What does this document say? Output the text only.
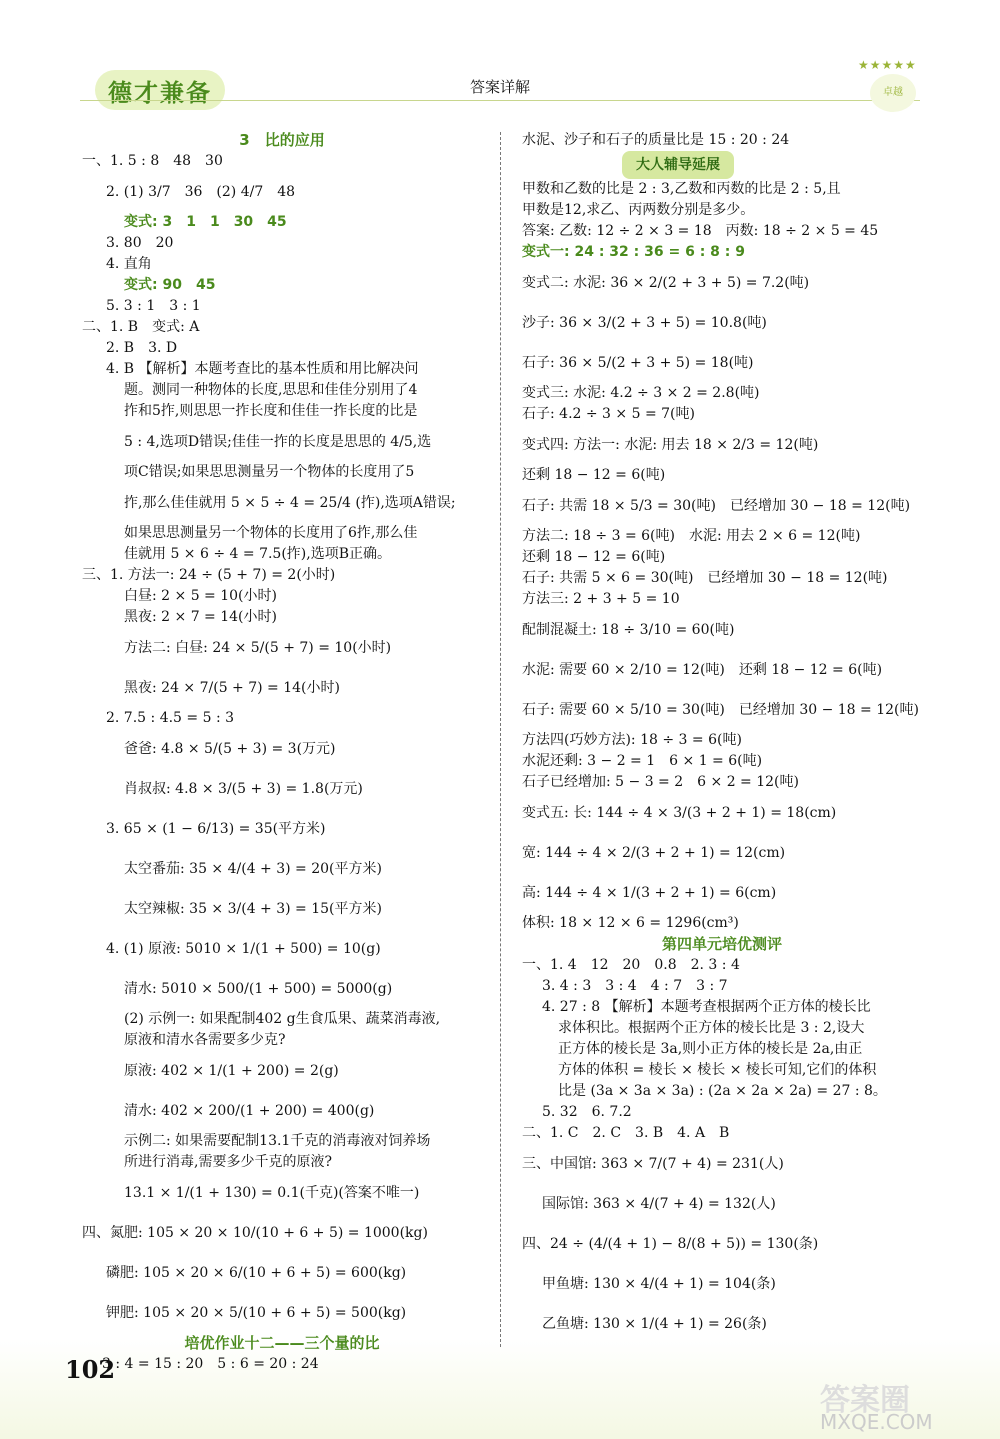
德才兼备	答案详解
★★★★★
卓越
3　比的应用
一、1. 5 : 8　48　30
2. (1) 3/7　36　(2) 4/7　48
变式: 3　1　1　30　45
3. 80　20
4. 直角
变式: 90　45
5. 3 : 1　3 : 1
二、1. B　变式: A
2. B　3. D
4. B 【解析】本题考查比的基本性质和用比解决问
题。测同一种物体的长度,思思和佳佳分别用了4
拃和5拃,则思思一拃长度和佳佳一拃长度的比是
5 : 4,选项D错误;佳佳一拃的长度是思思的 4/5,选
项C错误;如果思思测量另一个物体的长度用了5
拃,那么佳佳就用 5 × 5 ÷ 4 = 25/4 (拃),选项A错误;
如果思思测量另一个物体的长度用了6拃,那么佳
佳就用 5 × 6 ÷ 4 = 7.5(拃),选项B正确。
三、1. 方法一: 24 ÷ (5 + 7) = 2(小时)
白昼: 2 × 5 = 10(小时)
黑夜: 2 × 7 = 14(小时)
方法二: 白昼: 24 × 5/(5 + 7) = 10(小时)
黑夜: 24 × 7/(5 + 7) = 14(小时)
2. 7.5 : 4.5 = 5 : 3
爸爸: 4.8 × 5/(5 + 3) = 3(万元)
肖叔叔: 4.8 × 3/(5 + 3) = 1.8(万元)
3. 65 × (1 − 6/13) = 35(平方米)
太空番茄: 35 × 4/(4 + 3) = 20(平方米)
太空辣椒: 35 × 3/(4 + 3) = 15(平方米)
4. (1) 原液: 5010 × 1/(1 + 500) = 10(g)
清水: 5010 × 500/(1 + 500) = 5000(g)
(2) 示例一: 如果配制402 g生食瓜果、蔬菜消毒液,
原液和清水各需要多少克?
原液: 402 × 1/(1 + 200) = 2(g)
清水: 402 × 200/(1 + 200) = 400(g)
示例二: 如果需要配制13.1千克的消毒液对饲养场
所进行消毒,需要多少千克的原液?
13.1 × 1/(1 + 130) = 0.1(千克)(答案不唯一)
四、氮肥: 105 × 20 × 10/(10 + 6 + 5) = 1000(kg)
磷肥: 105 × 20 × 6/(10 + 6 + 5) = 600(kg)
钾肥: 105 × 20 × 5/(10 + 6 + 5) = 500(kg)
培优作业十二——三个量的比
3 : 4 = 15 : 20　5 : 6 = 20 : 24
水泥、沙子和石子的质量比是 15 : 20 : 24
大人辅导延展
甲数和乙数的比是 2 : 3,乙数和丙数的比是 2 : 5,且
甲数是12,求乙、丙两数分别是多少。
答案: 乙数: 12 ÷ 2 × 3 = 18　丙数: 18 ÷ 2 × 5 = 45
变式一: 24 : 32 : 36 = 6 : 8 : 9
变式二: 水泥: 36 × 2/(2 + 3 + 5) = 7.2(吨)
沙子: 36 × 3/(2 + 3 + 5) = 10.8(吨)
石子: 36 × 5/(2 + 3 + 5) = 18(吨)
变式三: 水泥: 4.2 ÷ 3 × 2 = 2.8(吨)
石子: 4.2 ÷ 3 × 5 = 7(吨)
变式四: 方法一: 水泥: 用去 18 × 2/3 = 12(吨)
还剩 18 − 12 = 6(吨)
石子: 共需 18 × 5/3 = 30(吨)　已经增加 30 − 18 = 12(吨)
方法二: 18 ÷ 3 = 6(吨)　水泥: 用去 2 × 6 = 12(吨)
还剩 18 − 12 = 6(吨)
石子: 共需 5 × 6 = 30(吨)　已经增加 30 − 18 = 12(吨)
方法三: 2 + 3 + 5 = 10
配制混凝土: 18 ÷ 3/10 = 60(吨)
水泥: 需要 60 × 2/10 = 12(吨)　还剩 18 − 12 = 6(吨)
石子: 需要 60 × 5/10 = 30(吨)　已经增加 30 − 18 = 12(吨)
方法四(巧妙方法): 18 ÷ 3 = 6(吨)
水泥还剩: 3 − 2 = 1　6 × 1 = 6(吨)
石子已经增加: 5 − 3 = 2　6 × 2 = 12(吨)
变式五: 长: 144 ÷ 4 × 3/(3 + 2 + 1) = 18(cm)
宽: 144 ÷ 4 × 2/(3 + 2 + 1) = 12(cm)
高: 144 ÷ 4 × 1/(3 + 2 + 1) = 6(cm)
体积: 18 × 12 × 6 = 1296(cm³)
第四单元培优测评
一、1. 4　12　20　0.8　2. 3 : 4
3. 4 : 3　3 : 4　4 : 7　3 : 7
4. 27 : 8 【解析】本题考查根据两个正方体的棱长比
求体积比。根据两个正方体的棱长比是 3 : 2,设大
正方体的棱长是 3a,则小正方体的棱长是 2a,由正
方体的体积 = 棱长 × 棱长 × 棱长可知,它们的体积
比是 (3a × 3a × 3a) : (2a × 2a × 2a) = 27 : 8。
5. 32　6. 7.2
二、1. C　2. C　3. B　4. A　B
三、中国馆: 363 × 7/(7 + 4) = 231(人)
国际馆: 363 × 4/(7 + 4) = 132(人)
四、24 ÷ (4/(4 + 1) − 8/(8 + 5)) = 130(条)
甲鱼塘: 130 × 4/(4 + 1) = 104(条)
乙鱼塘: 130 × 1/(4 + 1) = 26(条)
102
答案圈
MXQE.COM
